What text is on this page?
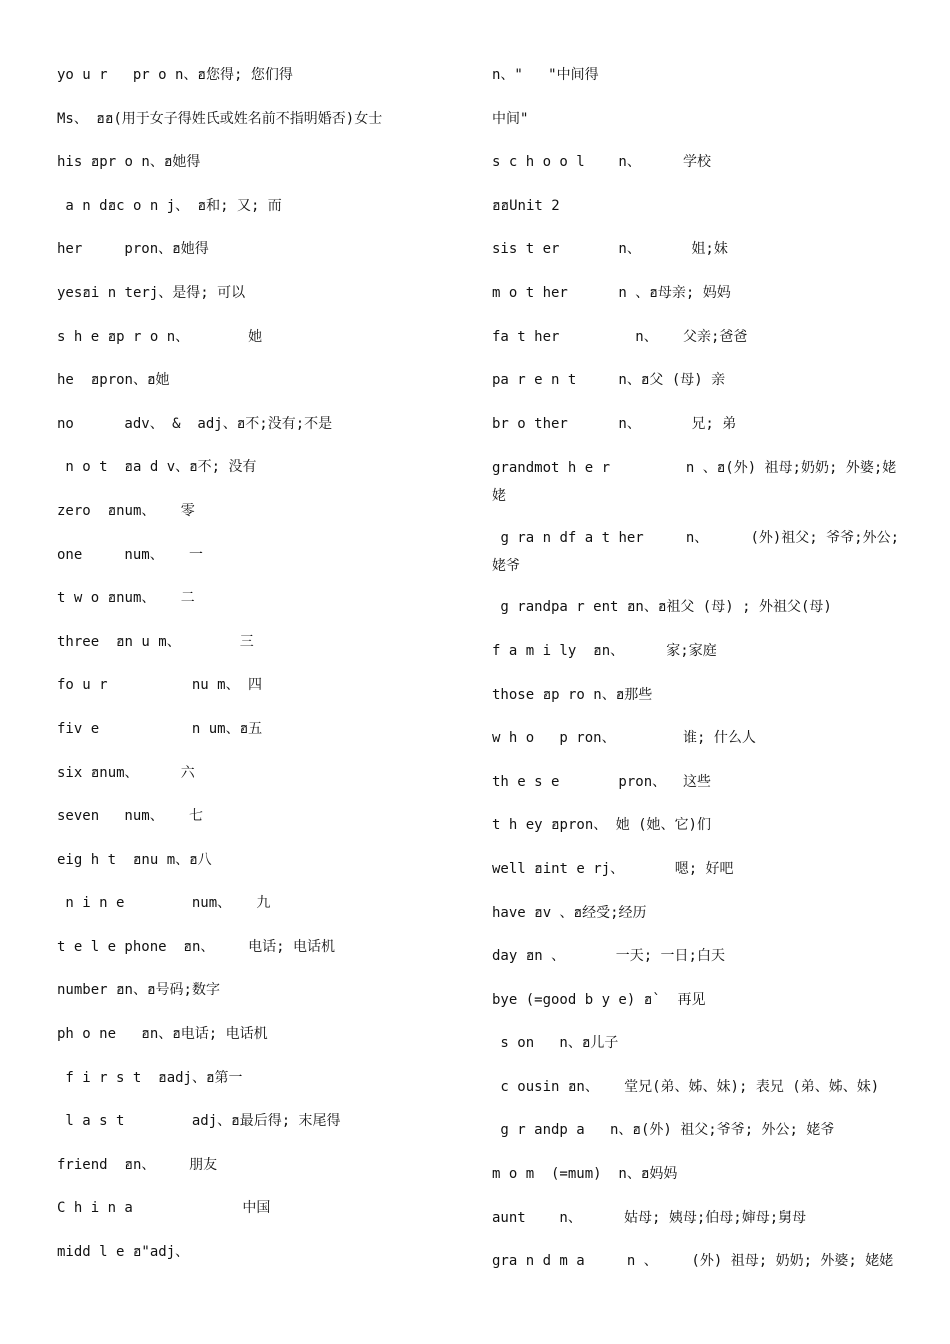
yo u r   pr o n、ฮ您得; 您们得
Ms、 ฮฮ(用于女子得姓氏或姓名前不指明婚否)女士
his ฮpr o n、ฮ她得
a n dฮc o n j、 ฮ和; 又; 而
her     pron、ฮ她得
yesฮi n terj、是得; 可以
s h e ฮp r o n、       她
he  ฮpron、ฮ她
no      adv、 &  adj、ฮ不;没有;不是
n o t  ฮa d v、ฮ不; 没有
zero  ฮnum、   零
one     num、   一
t w o ฮnum、   二
three  ฮn u m、       三
fo u r          nu m、 四
fiv e           n um、ฮ五
six ฮnum、     六
seven   num、   七
eig h t  ฮnu m、ฮ八
n i n e        num、   九
t e l e phone  ฮn、    电话; 电话机
number ฮn、ฮ号码;数字
ph o ne   ฮn、ฮ电话; 电话机
f i r s t  ฮadj、ฮ第一
l a s t        adj、ฮ最后得; 末尾得
friend  ฮn、    朋友
C h i n a             中国
midd l e ฮ"adj、
n、"   "中间得
中间"
s c h o o l    n、     学校
ฮฮUnit 2
sis t er       n、      姐;妹
m o t her      n 、ฮ母亲; 妈妈
fa t her         n、   父亲;爸爸
pa r e n t     n、ฮ父 (母) 亲
br o ther      n、      兄; 弟
grandmot h e r         n 、ฮ(外) 祖母;奶奶; 外婆;姥姥
g ra n df a t her     n、     (外)祖父; 爷爷;外公;姥爷
g randpa r ent ฮn、ฮ祖父 (母) ; 外祖父(母)
f a m i ly  ฮn、     家;家庭
those ฮp ro n、ฮ那些
w h o   p ron、        谁; 什么人
th e s e       pron、  这些
t h ey ฮpron、 她 (她、它)们
well ฮint e rj、      嗯; 好吧
have ฮv 、ฮ经受;经历
day ฮn 、      一天; 一日;白天
bye (=good b y e) ฮ`  再见
s on   n、ฮ儿子
c ousin ฮn、   堂兄(弟、姊、妹); 表兄 (弟、姊、妹)
g r andp a   n、ฮ(外) 祖父;爷爷; 外公; 姥爷
m o m  (=mum)  n、ฮ妈妈
aunt    n、     姑母; 姨母;伯母;婶母;舅母
gra n d m a     n 、    (外) 祖母; 奶奶; 外婆; 姥姥
